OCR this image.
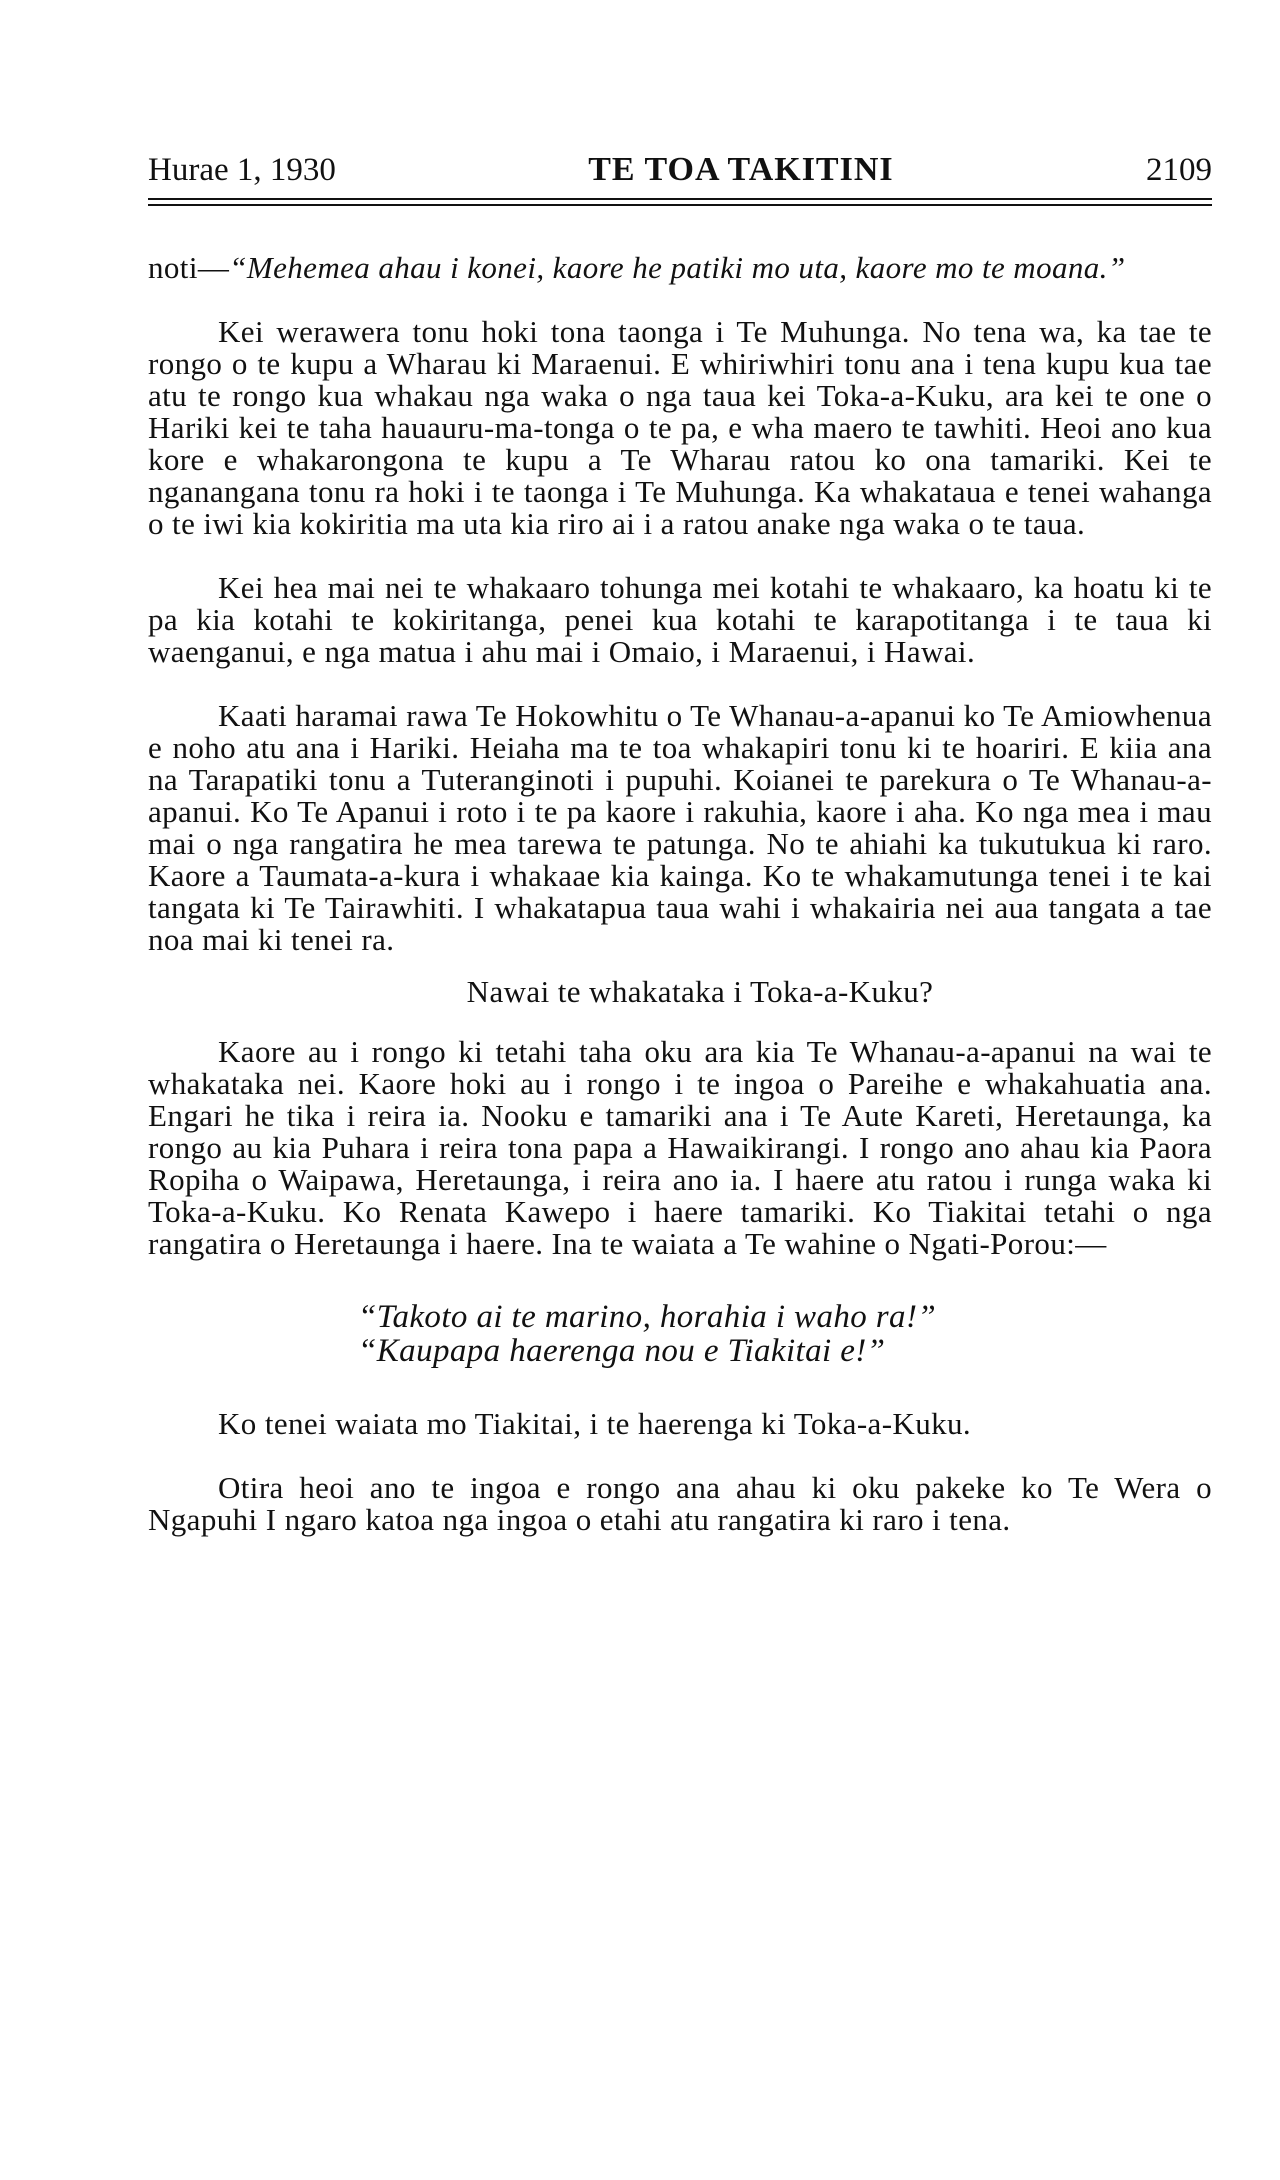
Hurae 1, 1930	TE TOA TAKITINI	2109

noti—“Mehemea ahau i konei, kaore he patiki mo uta, kaore mo te moana.”

Kei werawera tonu hoki tona taonga i Te Muhunga. No tena wa, ka tae te rongo o te kupu a Wharau ki Maraenui. E whiriwhiri tonu ana i tena kupu kua tae atu te rongo kua whakau nga waka o nga taua kei Toka-a-Kuku, ara kei te one o Hariki kei te taha hauauru-ma-tonga o te pa, e wha maero te tawhiti. Heoi ano kua kore e whakarongona te kupu a Te Wharau ratou ko ona tamariki. Kei te nganangana tonu ra hoki i te taonga i Te Muhunga. Ka whakataua e tenei wahanga o te iwi kia kokiritia ma uta kia riro ai i a ratou anake nga waka o te taua.

Kei hea mai nei te whakaaro tohunga mei kotahi te whakaaro, ka hoatu ki te pa kia kotahi te kokiritanga, penei kua kotahi te karapotitanga i te taua ki waenganui, e nga matua i ahu mai i Omaio, i Maraenui, i Hawai.

Kaati haramai rawa Te Hokowhitu o Te Whanau-a-apanui ko Te Amiowhenua e noho atu ana i Hariki. Heiaha ma te toa whakapiri tonu ki te hoariri. E kiia ana na Tarapatiki tonu a Tuteranginoti i pupuhi. Koianei te parekura o Te Whanau-a-apanui. Ko Te Apanui i roto i te pa kaore i rakuhia, kaore i aha. Ko nga mea i mau mai o nga rangatira he mea tarewa te patunga. No te ahiahi ka tukutukua ki raro. Kaore a Taumata-a-kura i whakaae kia kainga. Ko te whakamutunga tenei i te kai tangata ki Te Tairawhiti. I whakatapua taua wahi i whakairia nei aua tangata a tae noa mai ki tenei ra.

Nawai te whakataka i Toka-a-Kuku?

Kaore au i rongo ki tetahi taha oku ara kia Te Whanau-a-apanui na wai te whakataka nei. Kaore hoki au i rongo i te ingoa o Pareihe e whakahuatia ana. Engari he tika i reira ia. Nooku e tamariki ana i Te Aute Kareti, Heretaunga, ka rongo au kia Puhara i reira tona papa a Hawaikirangi. I rongo ano ahau kia Paora Ropiha o Waipawa, Heretaunga, i reira ano ia. I haere atu ratou i runga waka ki Toka-a-Kuku. Ko Renata Kawepo i haere tamariki. Ko Tiakitai tetahi o nga rangatira o Heretaunga i haere. Ina te waiata a Te wahine o Ngati-Porou:—

“Takoto ai te marino, horahia i waho ra!”
“Kaupapa haerenga nou e Tiakitai e!”

Ko tenei waiata mo Tiakitai, i te haerenga ki Toka-a-Kuku.

Otira heoi ano te ingoa e rongo ana ahau ki oku pakeke ko Te Wera o Ngapuhi I ngaro katoa nga ingoa o etahi atu rangatira ki raro i tena.
